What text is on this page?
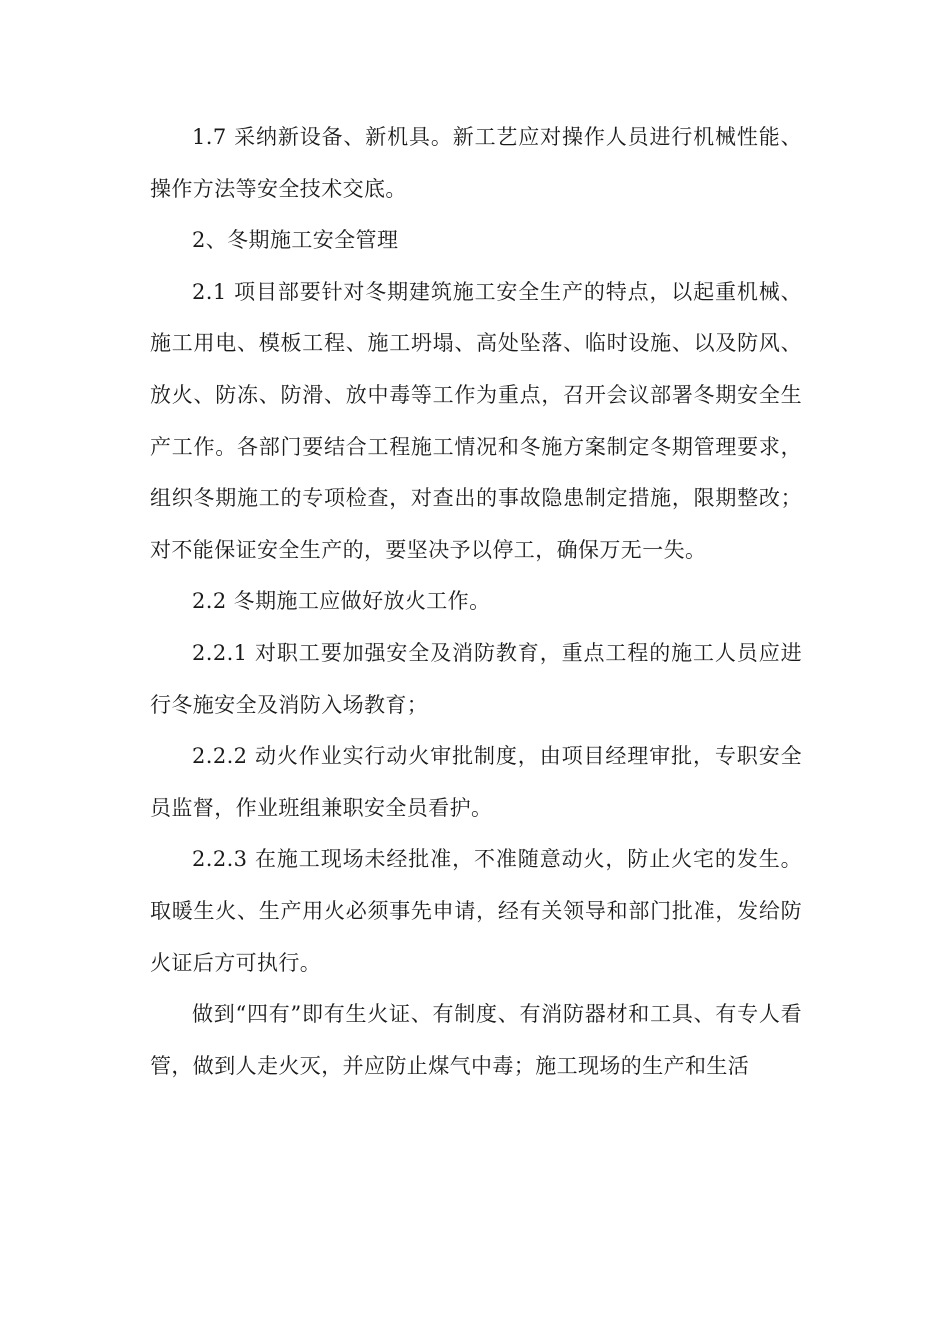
1.7 采纳新设备、新机具。新工艺应对操作人员进行机械性能、操作方法等安全技术交底。

2、冬期施工安全管理

2.1 项目部要针对冬期建筑施工安全生产的特点，以起重机械、施工用电、模板工程、施工坍塌、高处坠落、临时设施、以及防风、放火、防冻、防滑、放中毒等工作为重点，召开会议部署冬期安全生产工作。各部门要结合工程施工情况和冬施方案制定冬期管理要求，组织冬期施工的专项检查，对查出的事故隐患制定措施，限期整改；对不能保证安全生产的，要坚决予以停工，确保万无一失。

2.2 冬期施工应做好放火工作。

2.2.1 对职工要加强安全及消防教育，重点工程的施工人员应进行冬施安全及消防入场教育；

2.2.2 动火作业实行动火审批制度，由项目经理审批，专职安全员监督，作业班组兼职安全员看护。

2.2.3 在施工现场未经批准，不准随意动火，防止火宅的发生。取暖生火、生产用火必须事先申请，经有关领导和部门批准，发给防火证后方可执行。

做到“四有”即有生火证、有制度、有消防器材和工具、有专人看管，做到人走火灭，并应防止煤气中毒；施工现场的生产和生活
